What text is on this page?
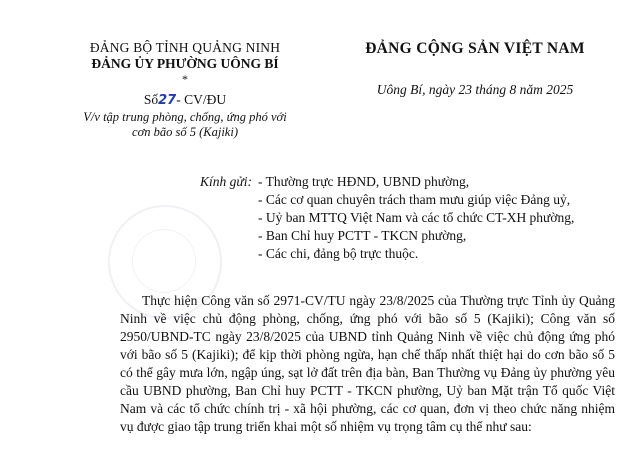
ĐẢNG BỘ TỈNH QUẢNG NINH
ĐẢNG ỦY PHƯỜNG UÔNG BÍ
*
Số27- CV/ĐU
V/v tập trung phòng, chống, ứng phó với
cơn bão số 5 (Kajiki)
ĐẢNG CỘNG SẢN VIỆT NAM
Uông Bí, ngày 23 tháng 8 năm 2025
Kính gửi: - Thường trực HĐND, UBND phường,
- Các cơ quan chuyên trách tham mưu giúp việc Đảng uỷ,
- Uỷ ban MTTQ Việt Nam và các tổ chức CT-XH phường,
- Ban Chỉ huy PCTT - TKCN phường,
- Các chi, đảng bộ trực thuộc.

Thực hiện Công văn số 2971-CV/TU ngày 23/8/2025 của Thường trực Tỉnh ủy Quảng Ninh về việc chủ động phòng, chống, ứng phó với bão số 5 (Kajiki); Công văn số 2950/UBND-TC ngày 23/8/2025 của UBND tỉnh Quảng Ninh về việc chủ động ứng phó với bão số 5 (Kajiki); để kịp thời phòng ngừa, hạn chế thấp nhất thiệt hại do cơn bão số 5 có thể gây mưa lớn, ngập úng, sạt lở đất trên địa bàn, Ban Thường vụ Đảng ủy phường yêu cầu UBND phường, Ban Chỉ huy PCTT - TKCN phường, Uỷ ban Mặt trận Tổ quốc Việt Nam và các tổ chức chính trị - xã hội phường, các cơ quan, đơn vị theo chức năng nhiệm vụ được giao tập trung triển khai một số nhiệm vụ trọng tâm cụ thể như sau:
